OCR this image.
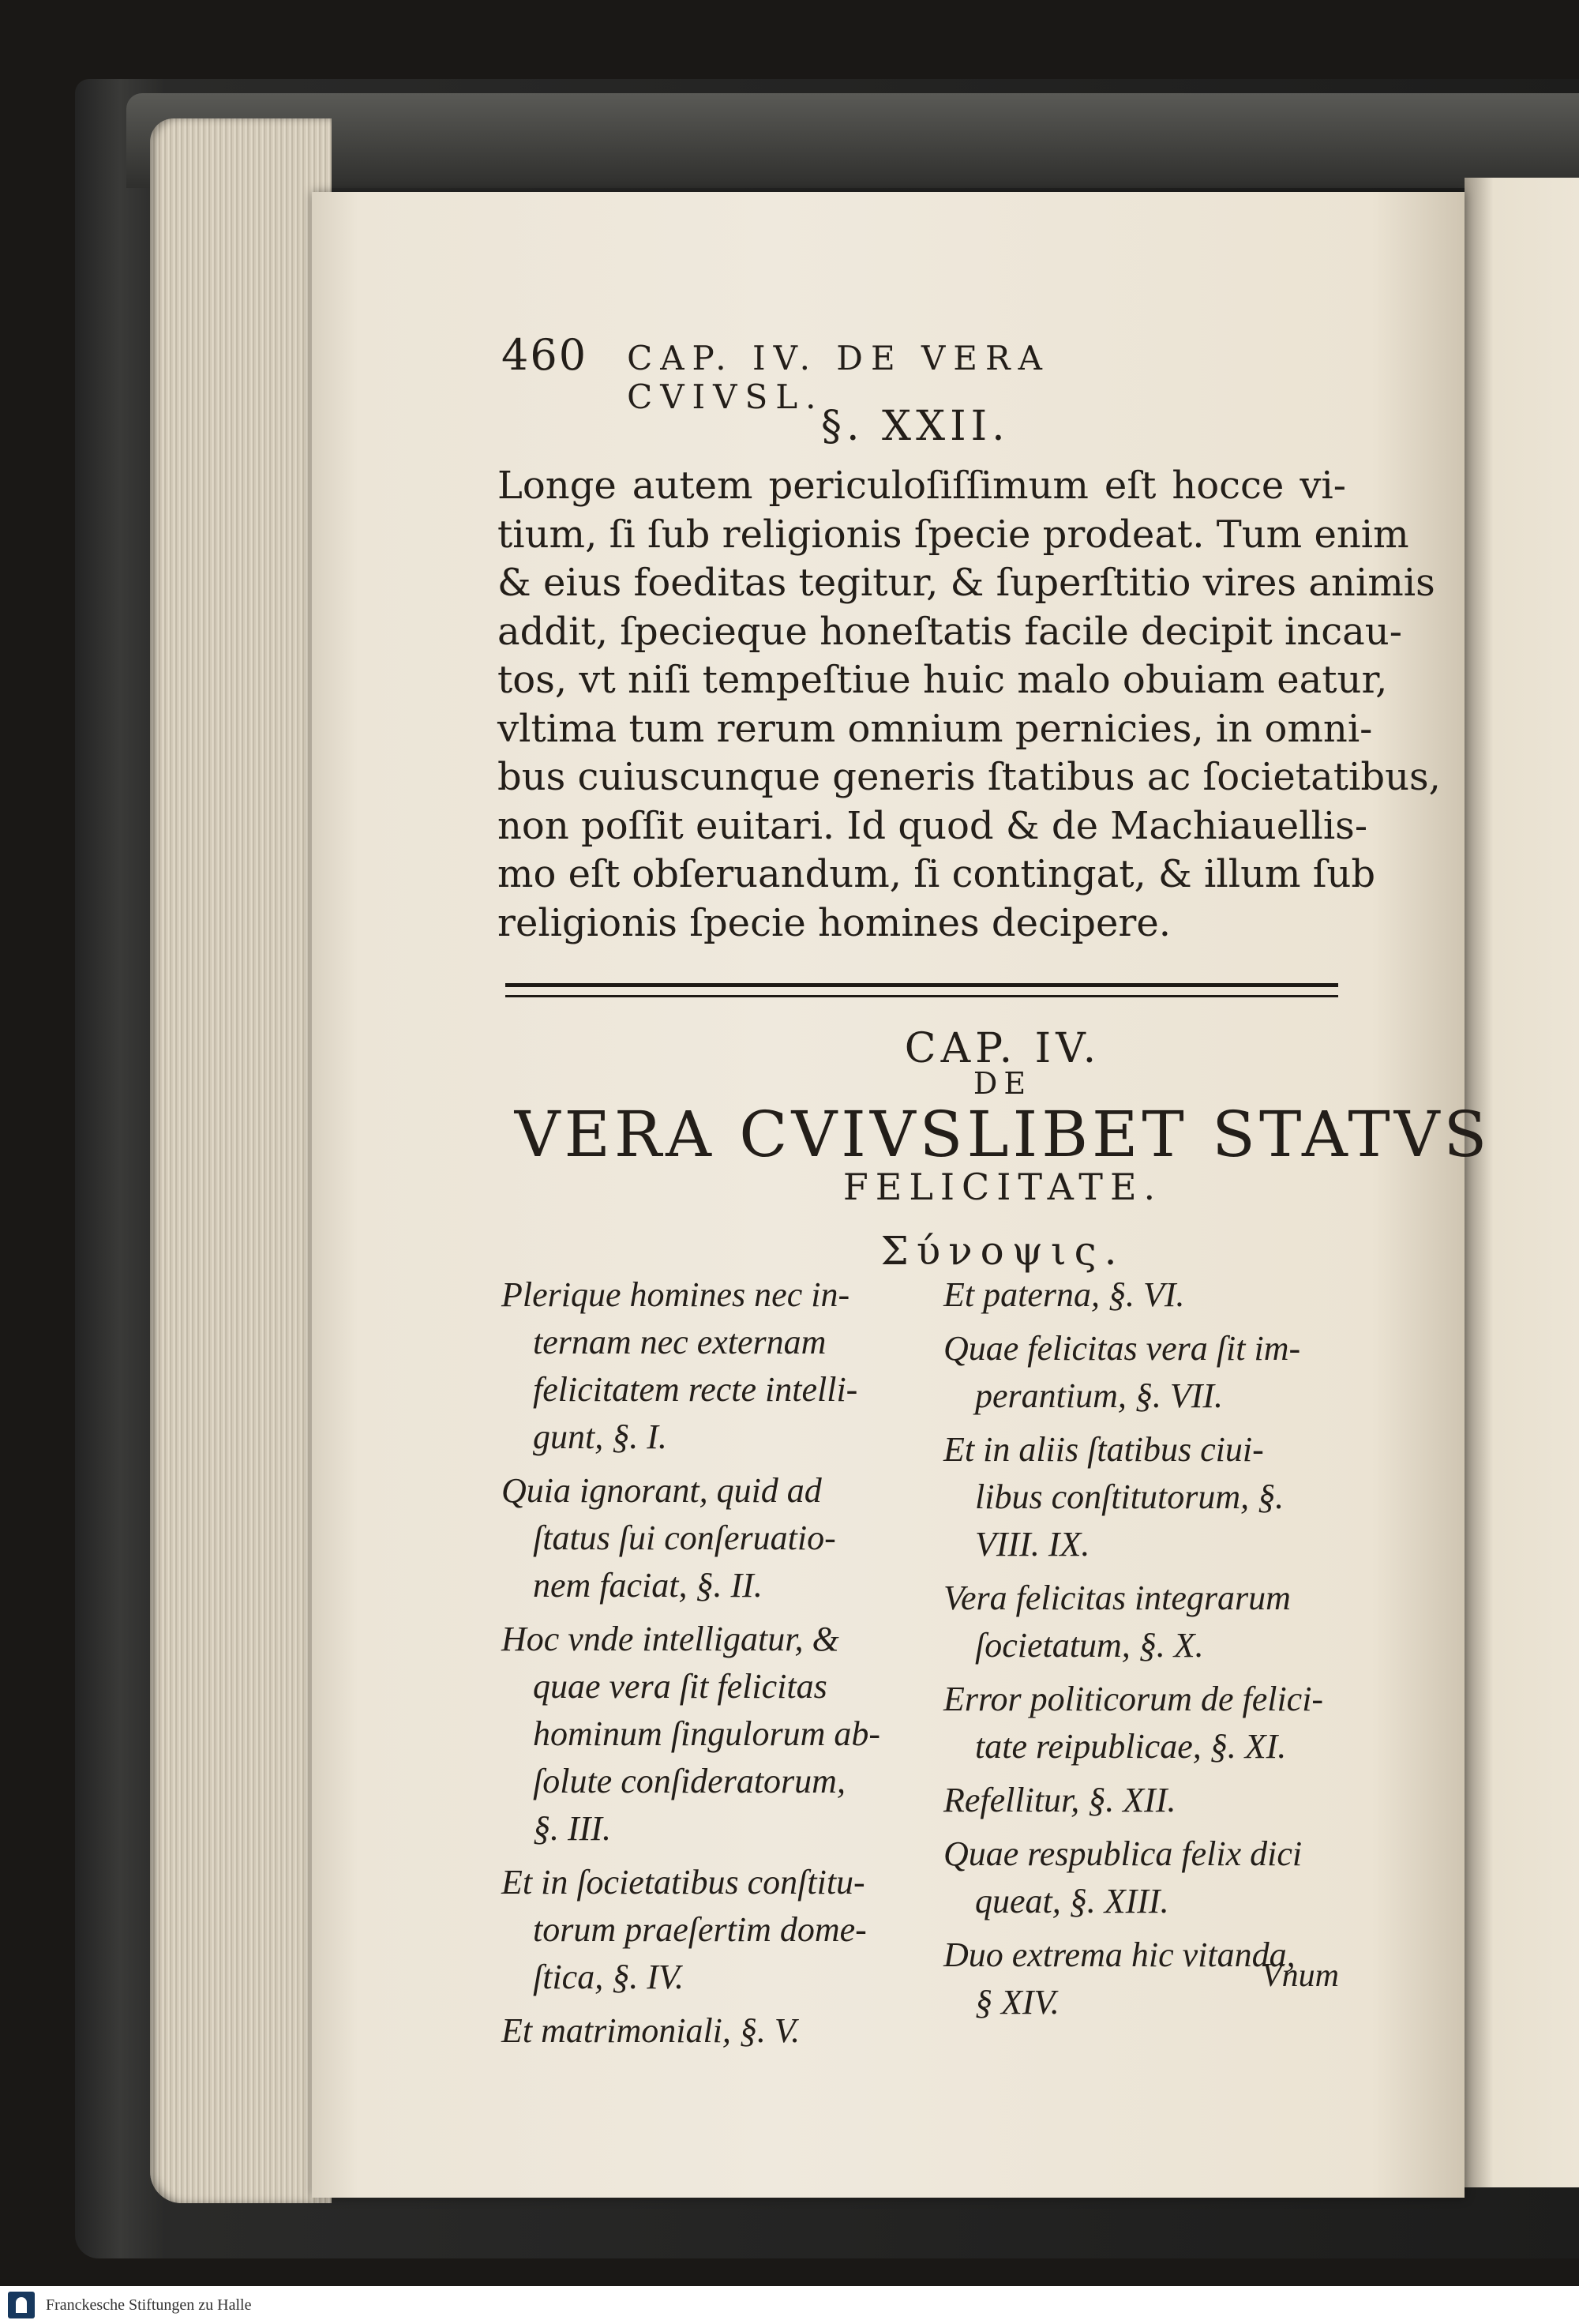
460 CAP. IV. DE VERA CVIVSL.
§. XXII.
Longe autem periculoſiſſimum eſt hocce vi-
tium, ſi ſub religionis ſpecie prodeat. Tum enim
& eius foeditas tegitur, & ſuperſtitio vires animis
addit, ſpecieque honeſtatis facile decipit incau-
tos, vt niſi tempeſtiue huic malo obuiam eatur,
vltima tum rerum omnium pernicies, in omni-
bus cuiuscunque generis ſtatibus ac ſocietatibus,
non poſſit euitari. Id quod & de Machiauellis-
mo eſt obſeruandum, ſi contingat, & illum ſub
religionis ſpecie homines decipere.
CAP. IV.
DE
VERA CVIVSLIBET STATVS
FELICITATE.
Σύνοψις.

Plerique homines nec in-
ternam nec externam
felicitatem recte intelli-
gunt, §. I.

Quia ignorant, quid ad
ſtatus ſui conſeruatio-
nem faciat, §. II.

Hoc vnde intelligatur, &
quae vera ſit felicitas
hominum ſingulorum ab-
ſolute conſideratorum,
§. III.

Et in ſocietatibus conſtitu-
torum praeſertim dome-
ſtica, §. IV.

Et matrimoniali, §. V.

Et paterna, §. VI.

Quae felicitas vera ſit im-
perantium, §. VII.

Et in aliis ſtatibus ciui-
libus conſtitutorum, §.
VIII. IX.

Vera felicitas integrarum
ſocietatum, §. X.

Error politicorum de felici-
tate reipublicae, §. XI.

Refellitur, §. XII.

Quae respublica felix dici
queat, §. XIII.

Duo extrema hic vitanda,
§ XIV.

Vnum
Franckesche Stiftungen zu Halle
